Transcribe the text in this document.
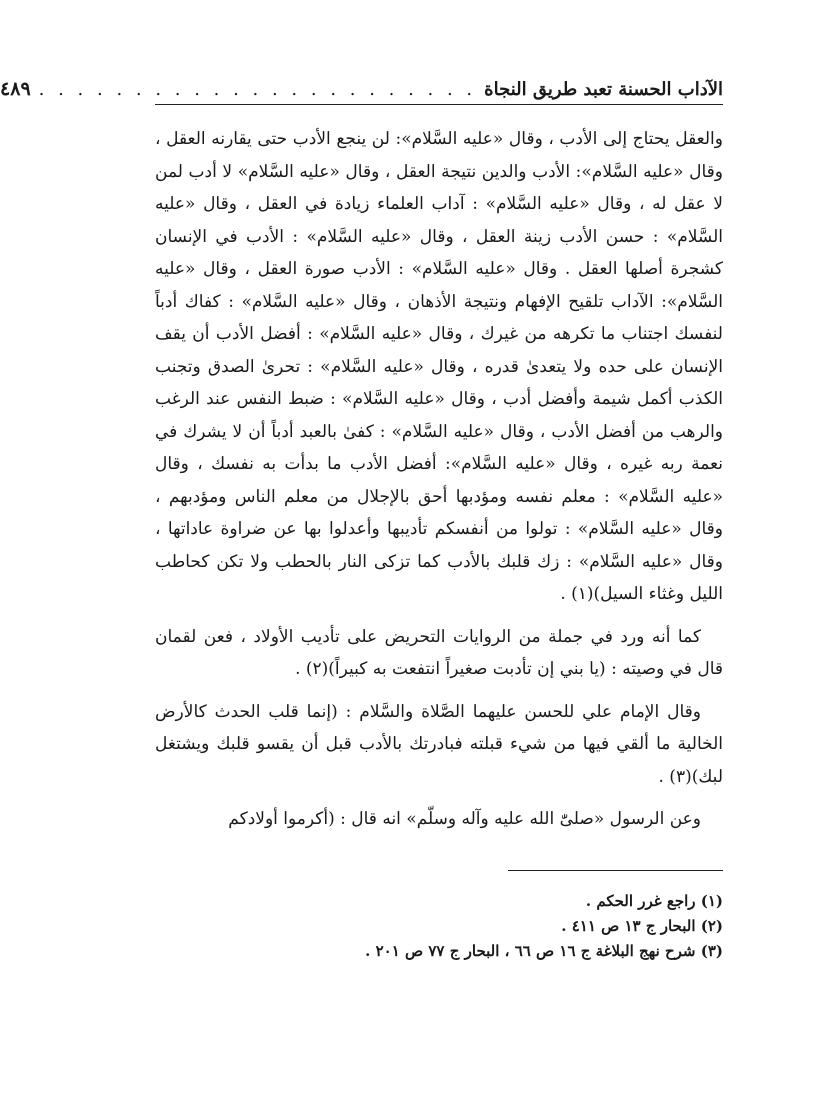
الآداب الحسنة تعبد طريق النجاة
. . . . . . . . . . . . . . . . . . . . . . .
٤٨٩

والعقل يحتاج إلى الأدب ، وقال «عليه السَّلام»: لن ينجع الأدب حتى يقارنه العقل ، وقال «عليه السَّلام»: الأدب والدين نتيجة العقل ، وقال «عليه السَّلام» لا أدب لمن لا عقل له ، وقال «عليه السَّلام» : آداب العلماء زيادة في العقل ، وقال «عليه السَّلام» : حسن الأدب زينة العقل ، وقال «عليه السَّلام» : الأدب في الإنسان كشجرة أصلها العقل . وقال «عليه السَّلام» : الأدب صورة العقل ، وقال «عليه السَّلام»: الآداب تلقيح الإفهام ونتيجة الأذهان ، وقال «عليه السَّلام» : كفاك أدباً لنفسك اجتناب ما تكرهه من غيرك ، وقال «عليه السَّلام» : أفضل الأدب أن يقف الإنسان على حده ولا يتعدىٰ قدره ، وقال «عليه السَّلام» : تحرىٰ الصدق وتجنب الكذب أكمل شيمة وأفضل أدب ، وقال «عليه السَّلام» : ضبط النفس عند الرغب والرهب من أفضل الأدب ، وقال «عليه السَّلام» : كفىٰ بالعبد أدباً أن لا يشرك في نعمة ربه غيره ، وقال «عليه السَّلام»: أفضل الأدب ما بدأت به نفسك ، وقال «عليه السَّلام» : معلم نفسه ومؤدبها أحق بالإجلال من معلم الناس ومؤدبهم ، وقال «عليه السَّلام» : تولوا من أنفسكم تأديبها وأعدلوا بها عن ضراوة عاداتها ، وقال «عليه السَّلام» : زك قلبك بالأدب كما تزكى النار بالحطب ولا تكن كحاطب الليل وغثاء السيل)(١) .

كما أنه ورد في جملة من الروايات التحريض على تأديب الأولاد ، فعن لقمان قال في وصيته : (يا بني إن تأدبت صغيراً انتفعت به كبيراً)(٢) .

وقال الإمام علي للحسن عليهما الصَّلاة والسَّلام : (إنما قلب الحدث كالأرض الخالية ما ألقي فيها من شيء قبلته فبادرتك بالأدب قبل أن يقسو قلبك ويشتغل لبك)(٣) .

وعن الرسول «صلىّٰ الله عليه وآله وسلّم» انه قال : (أكرموا أولادكم

(١) راجع غرر الحكم .
(٢) البحار ج ١٣ ص ٤١١ .
(٣) شرح نهج البلاغة ج ١٦ ص ٦٦ ، البحار ج ٧٧ ص ٢٠١ .
